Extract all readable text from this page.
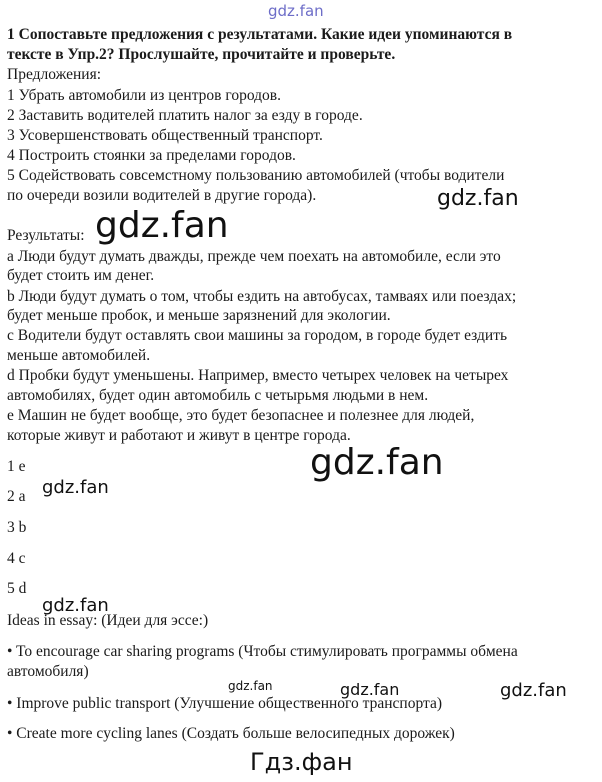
gdz.fan
1 Сопоставьте предложения с результатами. Какие идеи упоминаются в
тексте в Упр.2? Прослушайте, прочитайте и проверьте.
Предложения:
1 Убрать автомобили из центров городов.
2 Заставить водителей платить налог за езду в городе.
3 Усовершенствовать общественный транспорт.
4 Построить стоянки за пределами городов.
5 Содействовать совсемстному пользованию автомобилей (чтобы водители
по очереди возили водителей в другие города).	gdz.fan
gdz.fan
Результаты:
а Люди будут думать дважды, прежде чем поехать на автомобиле, если это
будет стоить им денег.
b Люди будут думать о том, чтобы ездить на автобусах, тамваях или поездах;
будет меньше пробок, и меньше зарязнений для экологии.
с Водители будут оставлять свои машины за городом, в городе будет ездить
меньше автомобилей.
d Пробки будут уменьшены. Например, вместо четырех человек на четырех
автомобилях, будет один автомобиль с четырьмя людьми в нем.
е Машин не будет вообще, это будет безопаснее и полезнее для людей,
которые живут и работают и живут в центре города.
gdz.fan
1 e
2 a gdz.fan
3 b
4 c
5 d
gdz.fan
Ideas in essay: (Идеи для эссе:)
• To encourage car sharing programs (Чтобы стимулировать программы обмена
автомобиля)
gdz.fan	gdz.fan	gdz.fan
• Improve public transport (Улучшение общественного транспорта)
• Create more cycling lanes (Создать больше велосипедных дорожек)
Гдз.фан
